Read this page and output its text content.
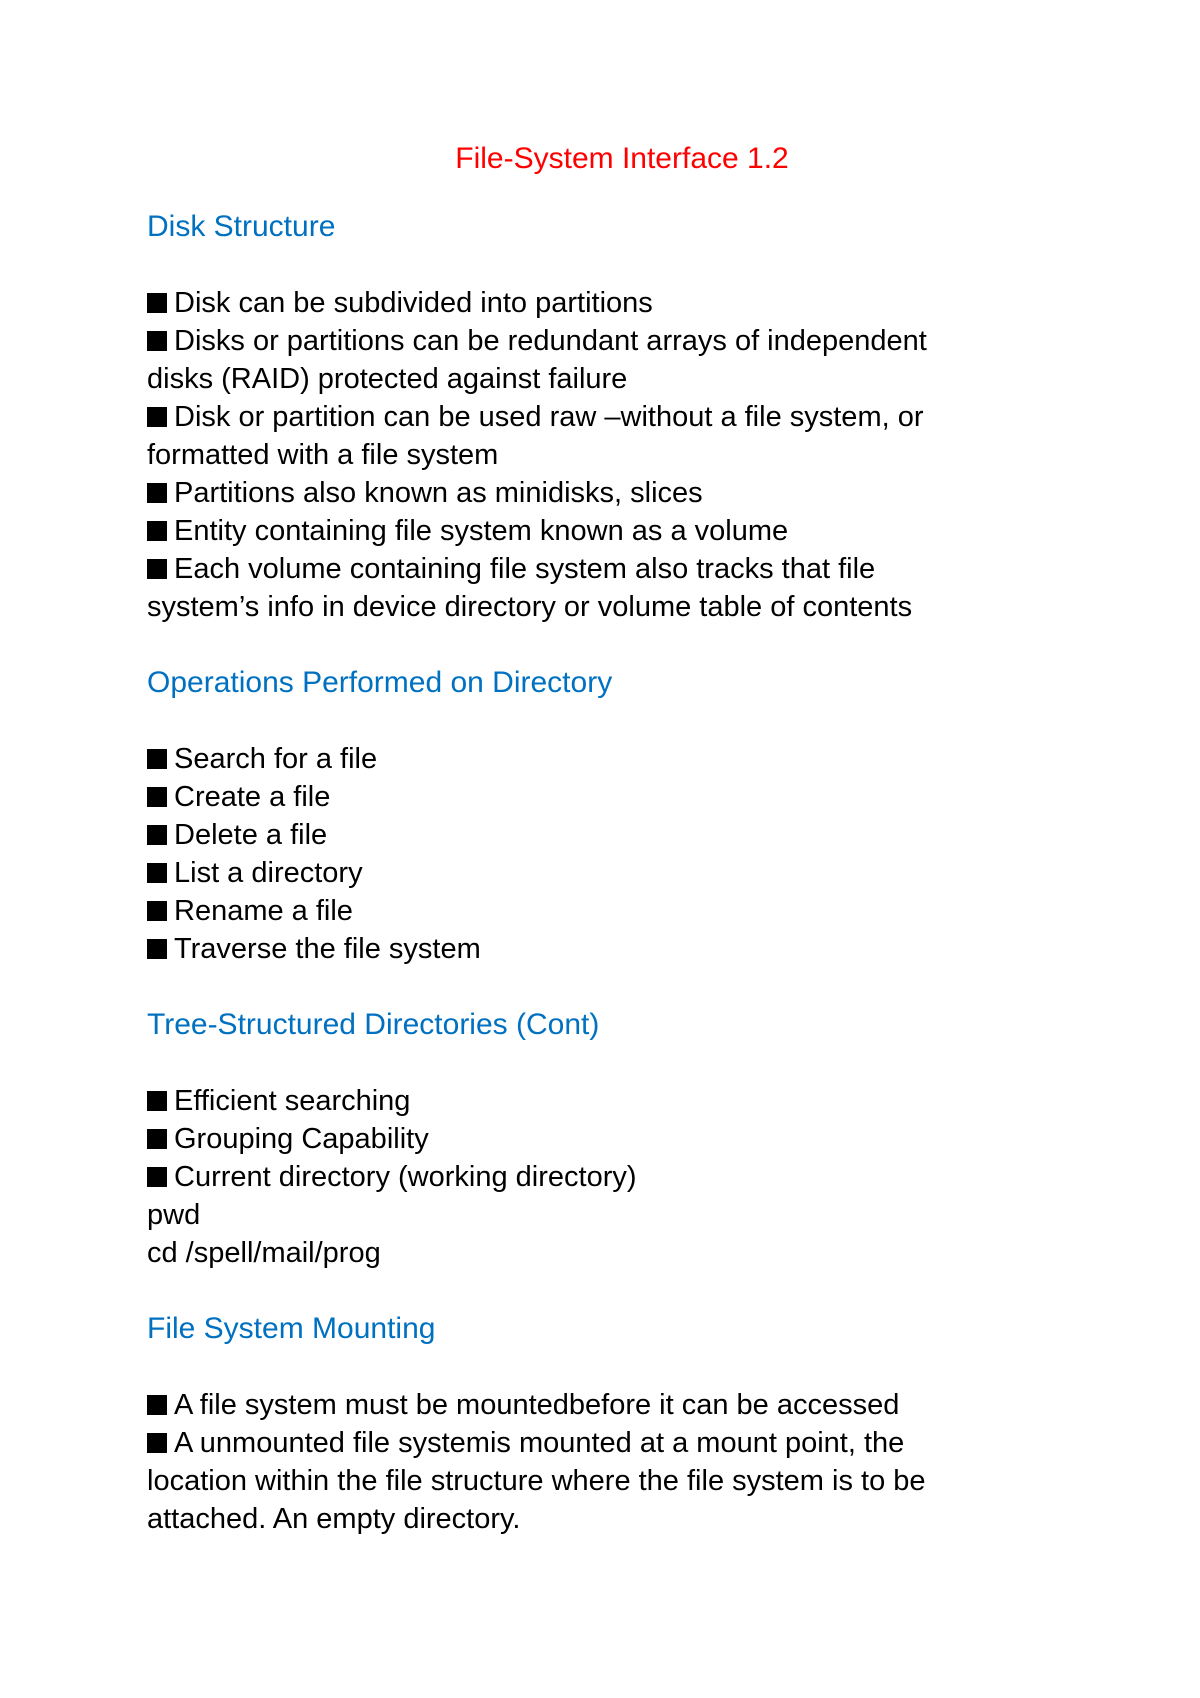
File-System Interface 1.2
Disk Structure
Disk can be subdivided into partitions
Disks or partitions can be redundant arrays of independent
disks (RAID) protected against failure
Disk or partition can be used raw –without a file system, or
formatted with a file system
Partitions also known as minidisks, slices
Entity containing file system known as a volume
Each volume containing file system also tracks that file
system’s info in device directory or volume table of contents
Operations Performed on Directory
Search for a file
Create a file
Delete a file
List a directory
Rename a file
Traverse the file system
Tree-Structured Directories (Cont)
Efficient searching
Grouping Capability
Current directory (working directory)
pwd
cd /spell/mail/prog
File System Mounting
A file system must be mountedbefore it can be accessed
A unmounted file systemis mounted at a mount point, the
location within the file structure where the file system is to be
attached. An empty directory.
